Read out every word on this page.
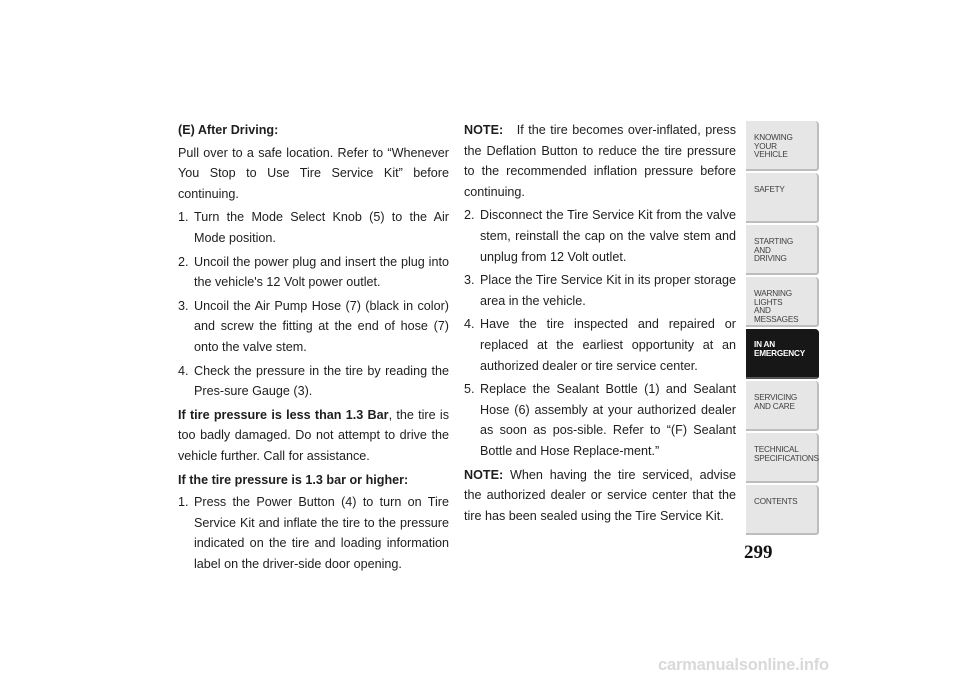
(E) After Driving:

Pull over to a safe location. Refer to “Whenever You Stop to Use Tire Service Kit” before continuing.

1. Turn the Mode Select Knob (5) to the Air Mode position.
2. Uncoil the power plug and insert the plug into the vehicle's 12 Volt power outlet.
3. Uncoil the Air Pump Hose (7) (black in color) and screw the fitting at the end of hose (7) onto the valve stem.
4. Check the pressure in the tire by reading the Pres-sure Gauge (3).

If tire pressure is less than 1.3 Bar, the tire is too badly damaged. Do not attempt to drive the vehicle further. Call for assistance.

If the tire pressure is 1.3 bar or higher:

1. Press the Power Button (4) to turn on Tire Service Kit and inflate the tire to the pressure indicated on the tire and loading information label on the driver-side door opening.

NOTE: If the tire becomes over-inflated, press the Deflation Button to reduce the tire pressure to the recommended inflation pressure before continuing.

2. Disconnect the Tire Service Kit from the valve stem, reinstall the cap on the valve stem and unplug from 12 Volt outlet.
3. Place the Tire Service Kit in its proper storage area in the vehicle.
4. Have the tire inspected and repaired or replaced at the earliest opportunity at an authorized dealer or tire service center.
5. Replace the Sealant Bottle (1) and Sealant Hose (6) assembly at your authorized dealer as soon as pos-sible. Refer to “(F) Sealant Bottle and Hose Replace-ment.”

NOTE: When having the tire serviced, advise the authorized dealer or service center that the tire has been sealed using the Tire Service Kit.

KNOWING
YOUR
VEHICLE
SAFETY
STARTING
AND
DRIVING
WARNING
LIGHTS
AND
MESSAGES
IN AN
EMERGENCY
SERVICING
AND CARE
TECHNICAL
SPECIFICATIONS
CONTENTS
299
carmanualsonline.info
